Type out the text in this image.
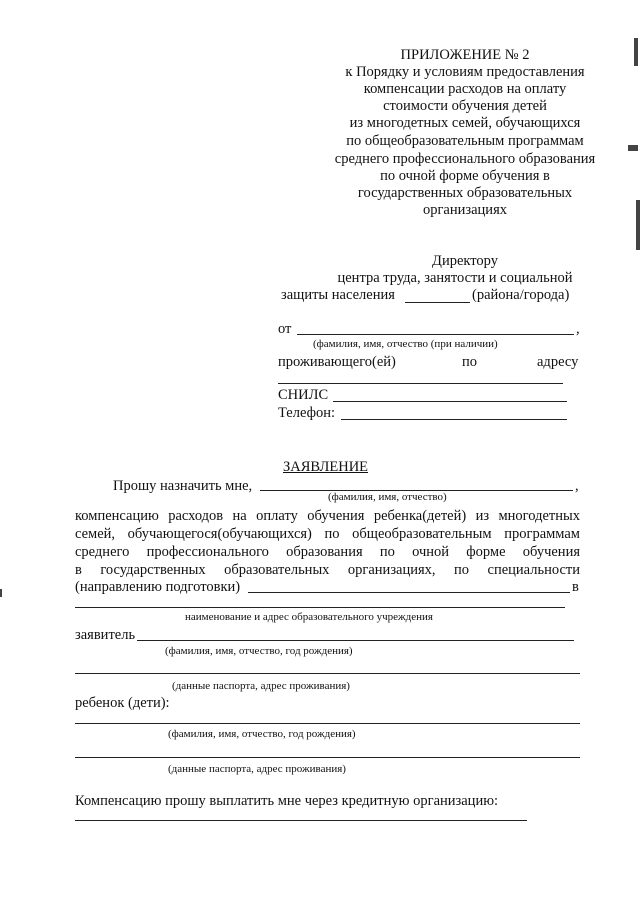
ПРИЛОЖЕНИЕ № 2
к Порядку и условиям предоставления
компенсации расходов на оплату
стоимости обучения детей
из многодетных семей, обучающихся
по общеобразовательным программам
среднего профессионального образования
по очной форме обучения в
государственных образовательных
организациях
Директору
центра труда, занятости и социальной
защиты населения	(района/города)
от	,
(фамилия, имя, отчество (при наличии)
проживающего(ей)	по	адресу
СНИЛС
Телефон:
ЗАЯВЛЕНИЕ
Прошу назначить мне,	,
(фамилия, имя, отчество)
компенсацию расходов на оплату обучения ребенка(детей) из многодетных
семей, обучающегося(обучающихся) по общеобразовательным программам
среднего профессионального образования по очной форме обучения
в государственных образовательных организациях, по специальности
(направлению подготовки)	в
наименование и адрес образовательного учреждения
заявитель
(фамилия, имя, отчество, год рождения)
(данные паспорта, адрес проживания)
ребенок (дети):
(фамилия, имя, отчество, год рождения)
(данные паспорта, адрес проживания)
Компенсацию прошу выплатить мне через кредитную организацию:
